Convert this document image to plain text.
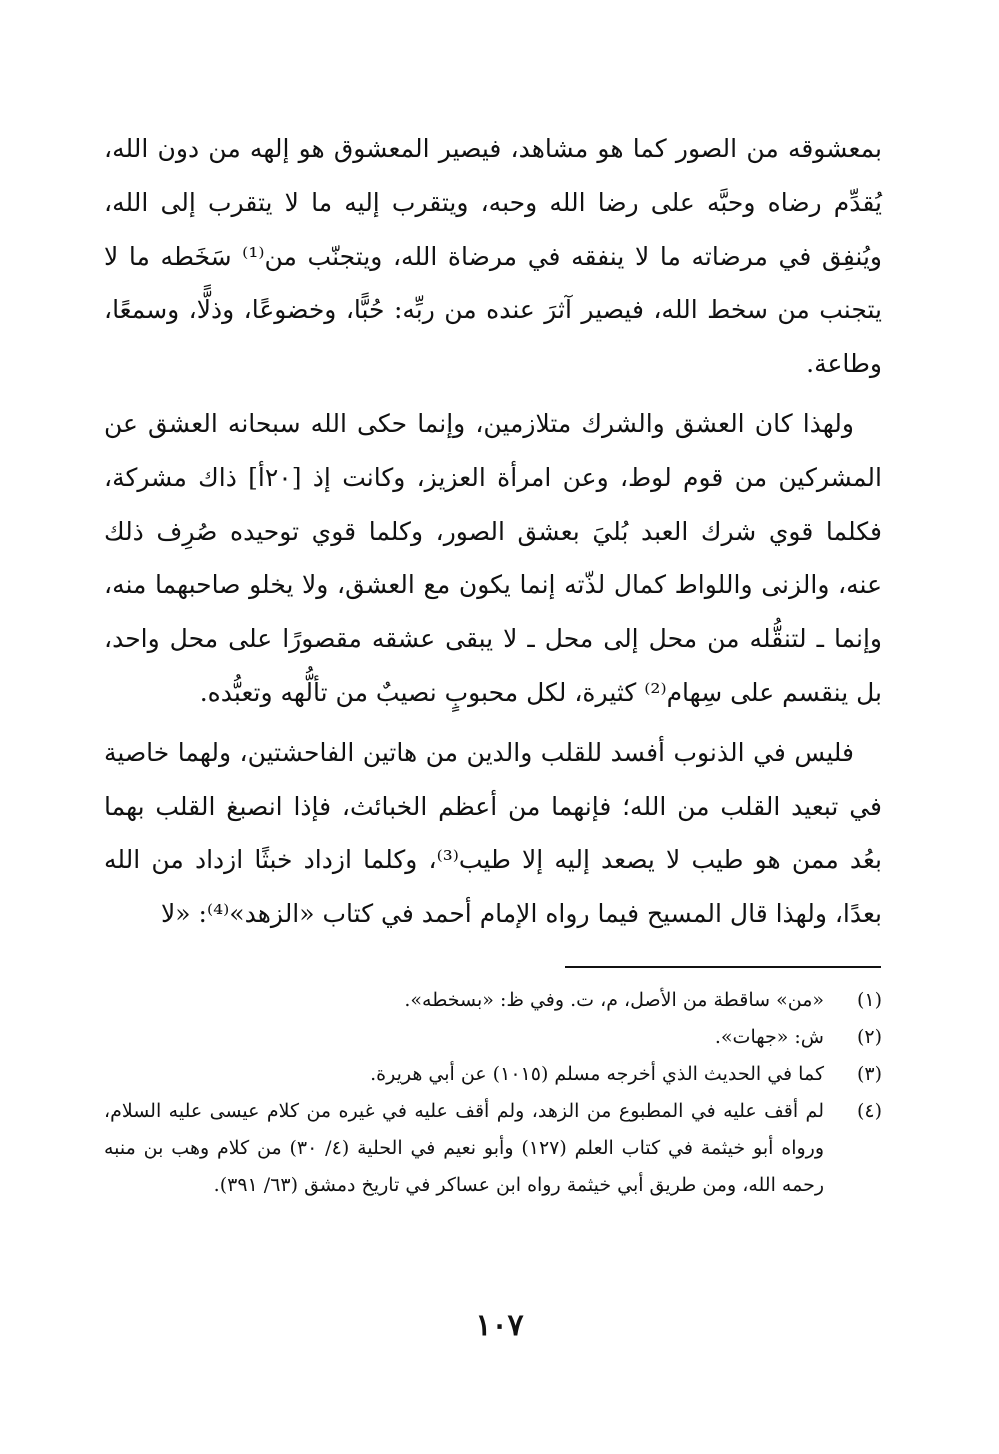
بمعشوقه من الصور كما هو مشاهد، فيصير المعشوق هو إلهه من دون الله، يُقدِّم رضاه وحبَّه على رضا الله وحبه، ويتقرب إليه ما لا يتقرب إلى الله، ويُنفِق في مرضاته ما لا ينفقه في مرضاة الله، ويتجنّب من⁽¹⁾ سَخَطه ما لا يتجنب من سخط الله، فيصير آثرَ عنده من ربِّه: حُبًّا، وخضوعًا، وذلًّا، وسمعًا، وطاعة.

ولهذا كان العشق والشرك متلازمين، وإنما حكى الله سبحانه العشق عن المشركين من قوم لوط، وعن امرأة العزيز، وكانت إذ [٢٠أ] ذاك مشركة، فكلما قوي شرك العبد بُليَ بعشق الصور، وكلما قوي توحيده صُرِف ذلك عنه، والزنى واللواط كمال لذّته إنما يكون مع العشق، ولا يخلو صاحبهما منه، وإنما ـ لتنقُّله من محل إلى محل ـ لا يبقى عشقه مقصورًا على محل واحد، بل ينقسم على سِهام⁽²⁾ كثيرة، لكل محبوبٍ نصيبٌ من تألُّهه وتعبُّده.

فليس في الذنوب أفسد للقلب والدين من هاتين الفاحشتين، ولهما خاصية في تبعيد القلب من الله؛ فإنهما من أعظم الخبائث، فإذا انصبغ القلب بهما بعُد ممن هو طيب لا يصعد إليه إلا طيب⁽³⁾، وكلما ازداد خبثًا ازداد من الله بعدًا، ولهذا قال المسيح فيما رواه الإمام أحمد في كتاب «الزهد»⁽⁴⁾: «لا

(١)
«من» ساقطة من الأصل، م، ت. وفي ظ: «بسخطه».
(٢)
ش: «جهات».
(٣)
كما في الحديث الذي أخرجه مسلم (١٠١٥) عن أبي هريرة.
(٤)
لم أقف عليه في المطبوع من الزهد، ولم أقف عليه في غيره من كلام عيسى عليه السلام، ورواه أبو خيثمة في كتاب العلم (١٢٧) وأبو نعيم في الحلية (٤/ ٣٠) من كلام وهب بن منبه رحمه الله، ومن طريق أبي خيثمة رواه ابن عساكر في تاريخ دمشق (٦٣/ ٣٩١).
١٠٧
